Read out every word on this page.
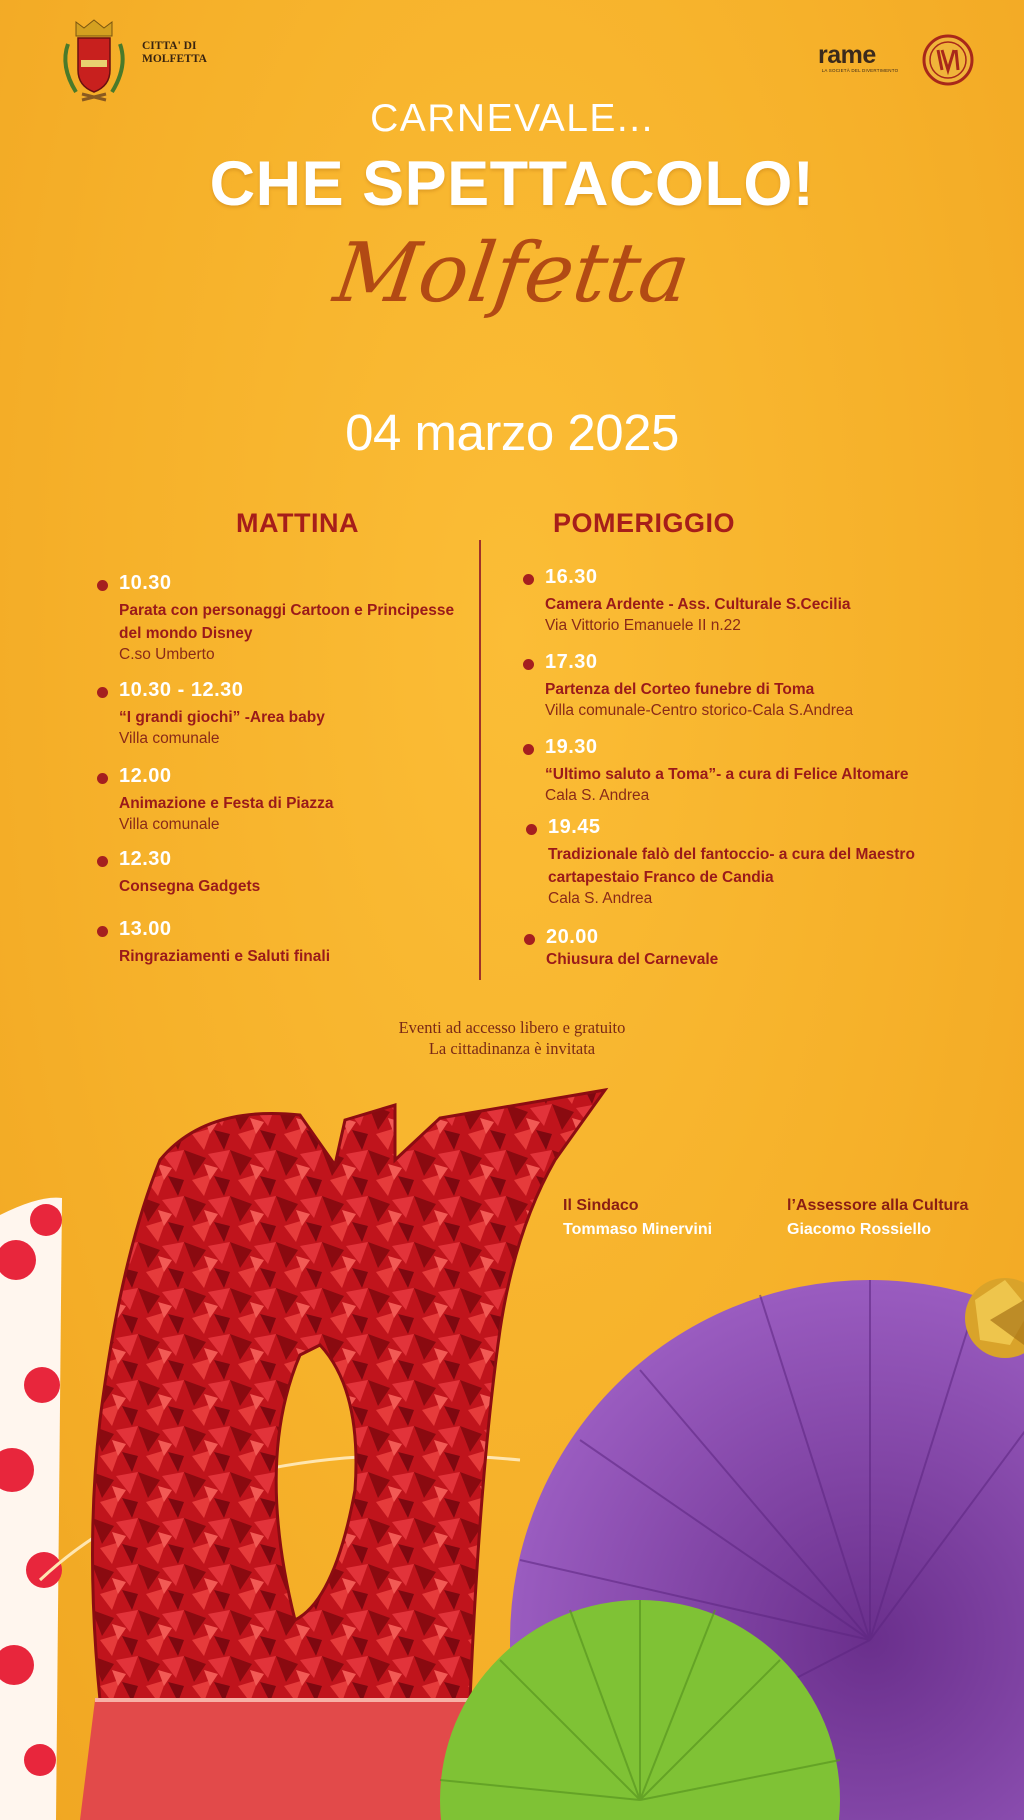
CITTA' DI
MOLFETTA	rame
LA SOCIETÀ DEL DIVERTIMENTO
CARNEVALE...
CHE SPETTACOLO!
Molfetta
04 marzo 2025
MATTINA	POMERIGGIO
10.30
Parata con personaggi Cartoon e Principesse del mondo Disney
C.so Umberto
10.30 - 12.30
“I grandi giochi” -Area baby
Villa comunale
12.00
Animazione e Festa di Piazza
Villa comunale
12.30
Consegna Gadgets
13.00
Ringraziamenti e Saluti finali
16.30
Camera Ardente - Ass. Culturale S.Cecilia
Via Vittorio Emanuele II n.22
17.30
Partenza del Corteo funebre di Toma
Villa comunale-Centro storico-Cala S.Andrea
19.30
“Ultimo saluto a Toma”- a cura di Felice Altomare
Cala S. Andrea
19.45
Tradizionale falò del fantoccio- a cura del Maestro cartapestaio Franco de Candia
Cala S. Andrea
20.00
Chiusura del Carnevale
Eventi ad accesso libero e gratuito
La cittadinanza è invitata
Il Sindaco
Tommaso Minervini
l’Assessore alla Cultura
Giacomo Rossiello
